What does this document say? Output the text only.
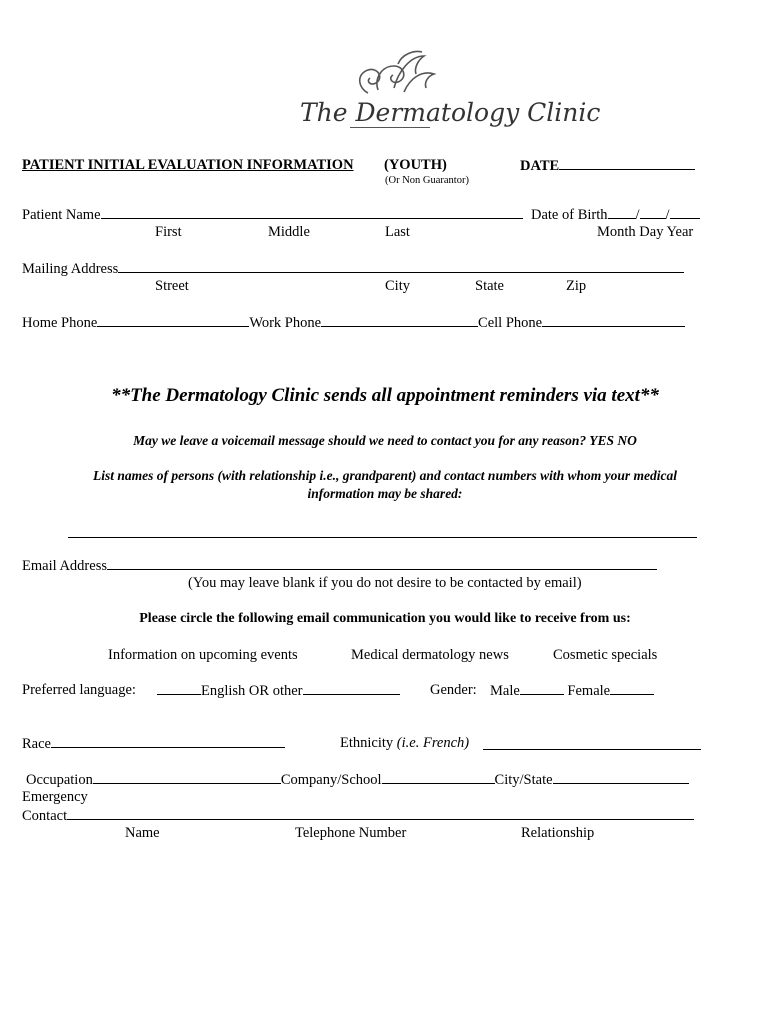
The Dermatology Clinic
PATIENT INITIAL EVALUATION INFORMATION (YOUTH)
(Or Non Guarantor)
DATE
Patient Name	Date of Birth / /
First	Middle	Last	Month Day Year
Mailing Address
Street	City	State	Zip
Home Phone	Work Phone	Cell Phone
**The Dermatology Clinic sends all appointment reminders via text**
May we leave a voicemail message should we need to contact you for any reason? YES NO
List names of persons (with relationship i.e., grandparent) and contact numbers with whom your medical
information may be shared:
Email Address
(You may leave blank if you do not desire to be contacted by email)
Please circle the following email communication you would like to receive from us:
Information on upcoming events	Medical dermatology news	Cosmetic specials
Preferred language:	English OR other	Gender: Male	Female
Race	Ethnicity (i.e. French)
Occupation	Company/School	City/State
Emergency
Contact
Name	Telephone Number	Relationship
